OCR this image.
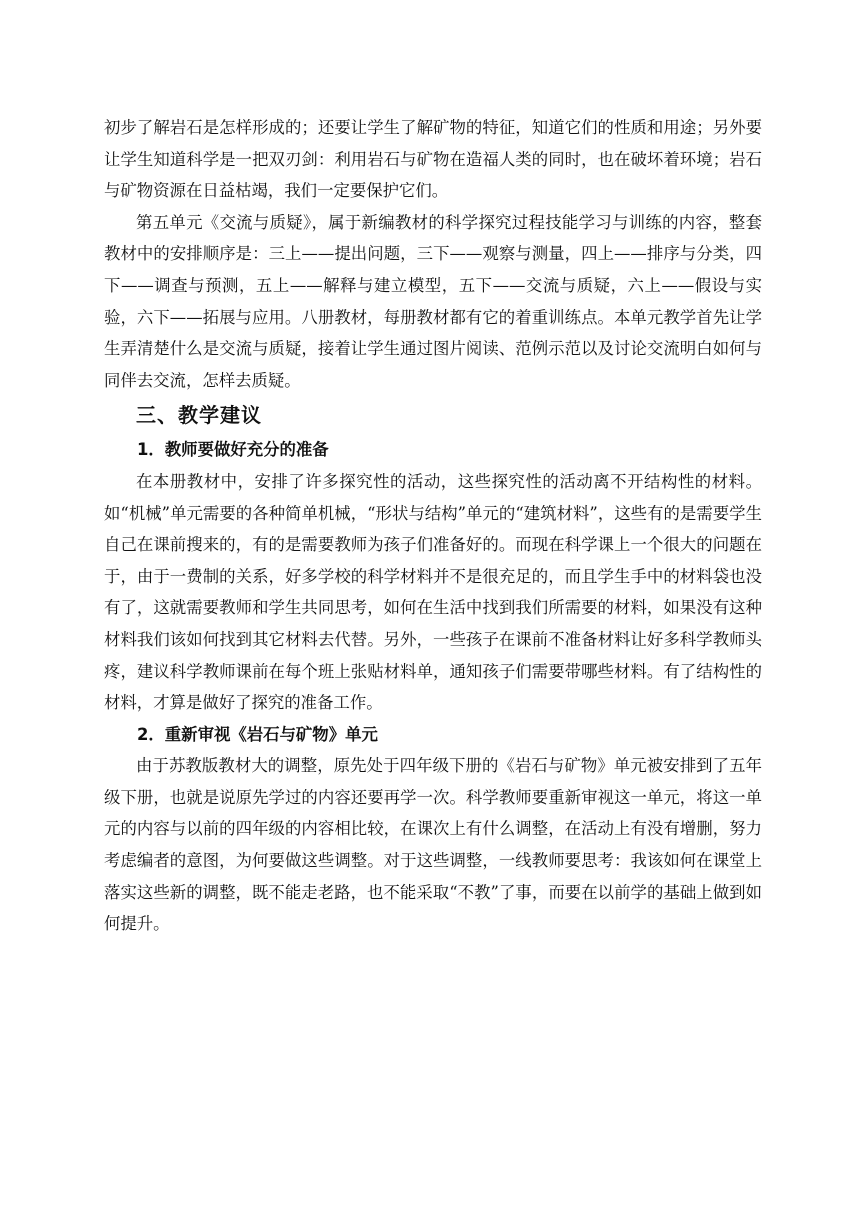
初步了解岩石是怎样形成的；还要让学生了解矿物的特征，知道它们的性质和用途；另外要让学生知道科学是一把双刃剑：利用岩石与矿物在造福人类的同时，也在破坏着环境；岩石与矿物资源在日益枯竭，我们一定要保护它们。

第五单元《交流与质疑》，属于新编教材的科学探究过程技能学习与训练的内容，整套教材中的安排顺序是：三上——提出问题，三下——观察与测量，四上——排序与分类，四下——调查与预测，五上——解释与建立模型，五下——交流与质疑，六上——假设与实验，六下——拓展与应用。八册教材，每册教材都有它的着重训练点。本单元教学首先让学生弄清楚什么是交流与质疑，接着让学生通过图片阅读、范例示范以及讨论交流明白如何与同伴去交流，怎样去质疑。

三、教学建议
1．教师要做好充分的准备

在本册教材中，安排了许多探究性的活动，这些探究性的活动离不开结构性的材料。如“机械”单元需要的各种简单机械，“形状与结构”单元的“建筑材料”，这些有的是需要学生自己在课前搜来的，有的是需要教师为孩子们准备好的。而现在科学课上一个很大的问题在于，由于一费制的关系，好多学校的科学材料并不是很充足的，而且学生手中的材料袋也没有了，这就需要教师和学生共同思考，如何在生活中找到我们所需要的材料，如果没有这种材料我们该如何找到其它材料去代替。另外，一些孩子在课前不准备材料让好多科学教师头疼，建议科学教师课前在每个班上张贴材料单，通知孩子们需要带哪些材料。有了结构性的材料，才算是做好了探究的准备工作。

2．重新审视《岩石与矿物》单元

由于苏教版教材大的调整，原先处于四年级下册的《岩石与矿物》单元被安排到了五年级下册，也就是说原先学过的内容还要再学一次。科学教师要重新审视这一单元，将这一单元的内容与以前的四年级的内容相比较，在课次上有什么调整，在活动上有没有增删，努力考虑编者的意图，为何要做这些调整。对于这些调整，一线教师要思考：我该如何在课堂上落实这些新的调整，既不能走老路，也不能采取“不教”了事，而要在以前学的基础上做到如何提升。
